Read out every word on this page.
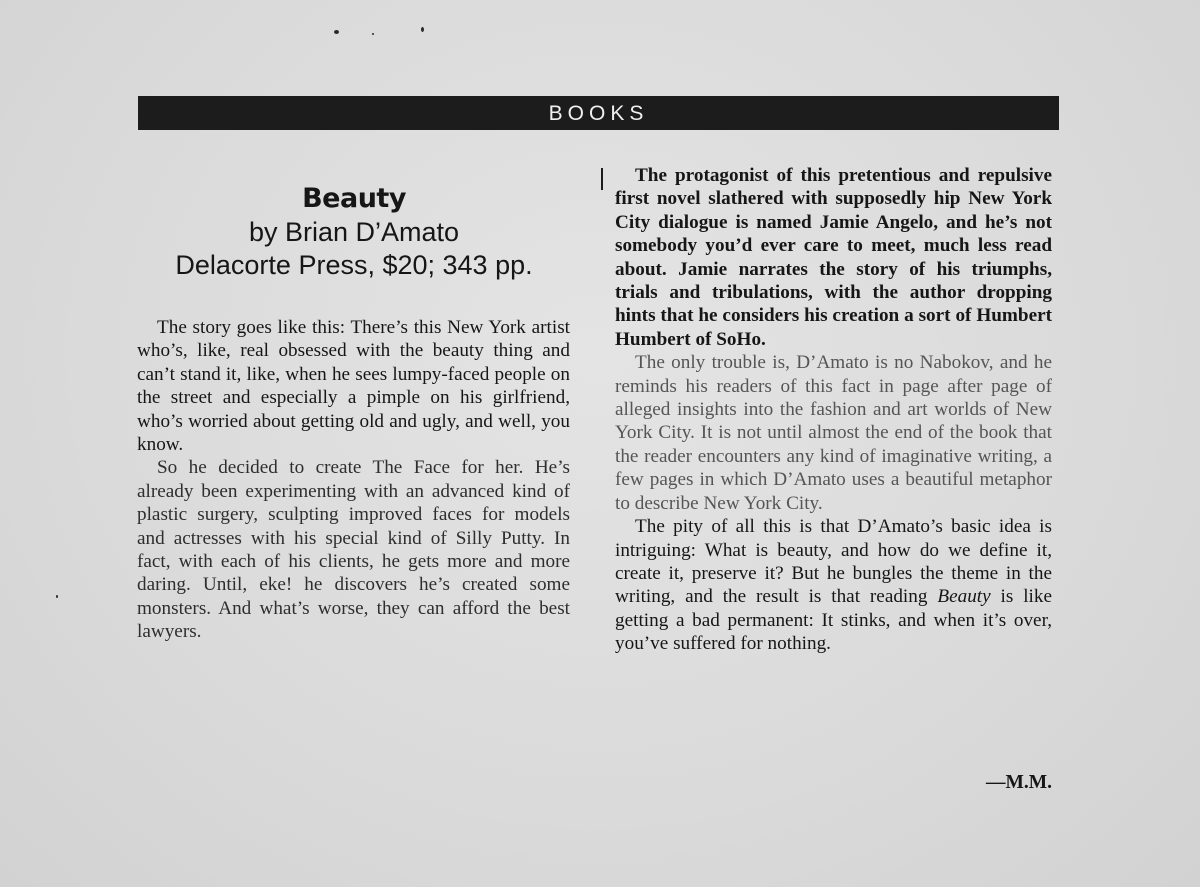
BOOKS
Beauty
by Brian D’Amato
Delacorte Press, $20; 343 pp.

The story goes like this: There’s this New York artist who’s, like, real obsessed with the beauty thing and can’t stand it, like, when he sees lumpy-faced people on the street and especially a pimple on his girlfriend, who’s worried about getting old and ugly, and well, you know.

So he decided to create The Face for her. He’s already been experimenting with an advanced kind of plastic surgery, sculpting improved faces for models and actresses with his special kind of Silly Putty. In fact, with each of his clients, he gets more and more daring. Until, eke! he discovers he’s created some monsters. And what’s worse, they can afford the best lawyers.

The protagonist of this pretentious and repulsive first novel slathered with supposedly hip New York City dialogue is named Jamie Angelo, and he’s not somebody you’d ever care to meet, much less read about. Jamie narrates the story of his triumphs, trials and tribulations, with the author dropping hints that he considers his creation a sort of Humbert Humbert of SoHo.

The only trouble is, D’Amato is no Nabokov, and he reminds his readers of this fact in page after page of alleged insights into the fashion and art worlds of New York City. It is not until almost the end of the book that the reader encounters any kind of imaginative writing, a few pages in which D’Amato uses a beautiful metaphor to describe New York City.

The pity of all this is that D’Amato’s basic idea is intriguing: What is beauty, and how do we define it, create it, preserve it? But he bungles the theme in the writing, and the result is that reading Beauty is like getting a bad permanent: It stinks, and when it’s over, you’ve suffered for nothing.

—M.M.
